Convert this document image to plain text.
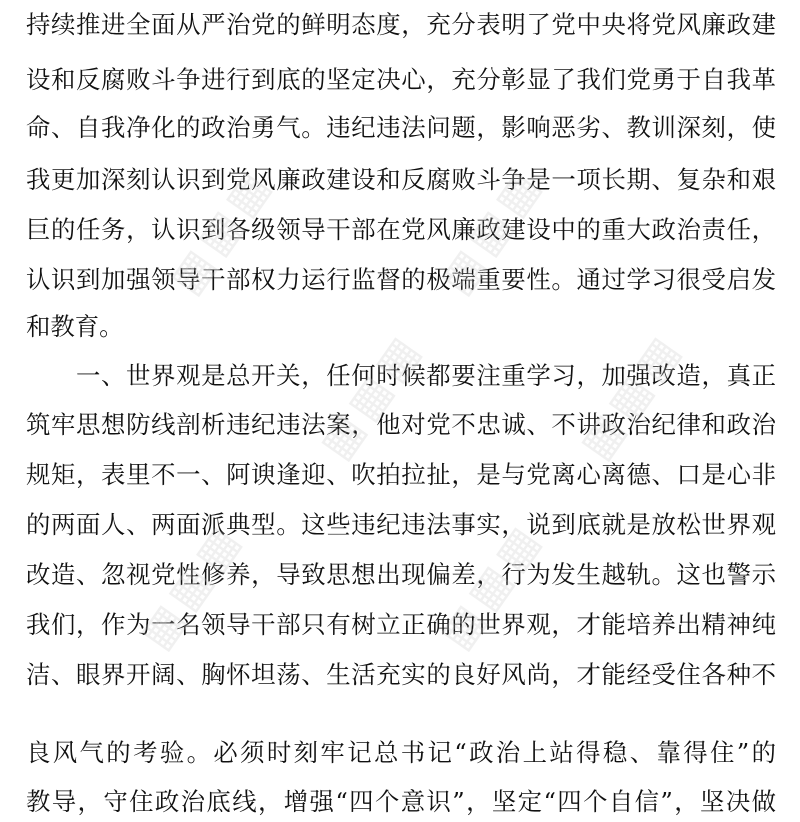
持续推进全面从严治党的鲜明态度，充分表明了党中央将党风廉政建
设和反腐败斗争进行到底的坚定决心，充分彰显了我们党勇于自我革
命、自我净化的政治勇气。违纪违法问题，影响恶劣、教训深刻，使
我更加深刻认识到党风廉政建设和反腐败斗争是一项长期、复杂和艰
巨的任务，认识到各级领导干部在党风廉政建设中的重大政治责任，
认识到加强领导干部权力运行监督的极端重要性。通过学习很受启发
和教育。
一、世界观是总开关，任何时候都要注重学习，加强改造，真正
筑牢思想防线剖析违纪违法案，他对党不忠诚、不讲政治纪律和政治
规矩，表里不一、阿谀逢迎、吹拍拉扯，是与党离心离德、口是心非
的两面人、两面派典型。这些违纪违法事实，说到底就是放松世界观
改造、忽视党性修养，导致思想出现偏差，行为发生越轨。这也警示
我们，作为一名领导干部只有树立正确的世界观，才能培养出精神纯
洁、眼界开阔、胸怀坦荡、生活充实的良好风尚，才能经受住各种不
良风气的考验。必须时刻牢记总书记“政治上站得稳、靠得住”的
教导，守住政治底线，增强“四个意识”，坚定“四个自信”，坚决做
▦▦▦	▦▦▦
▦▦▦	▦▦▦
▦▦▦	▦▦▦
